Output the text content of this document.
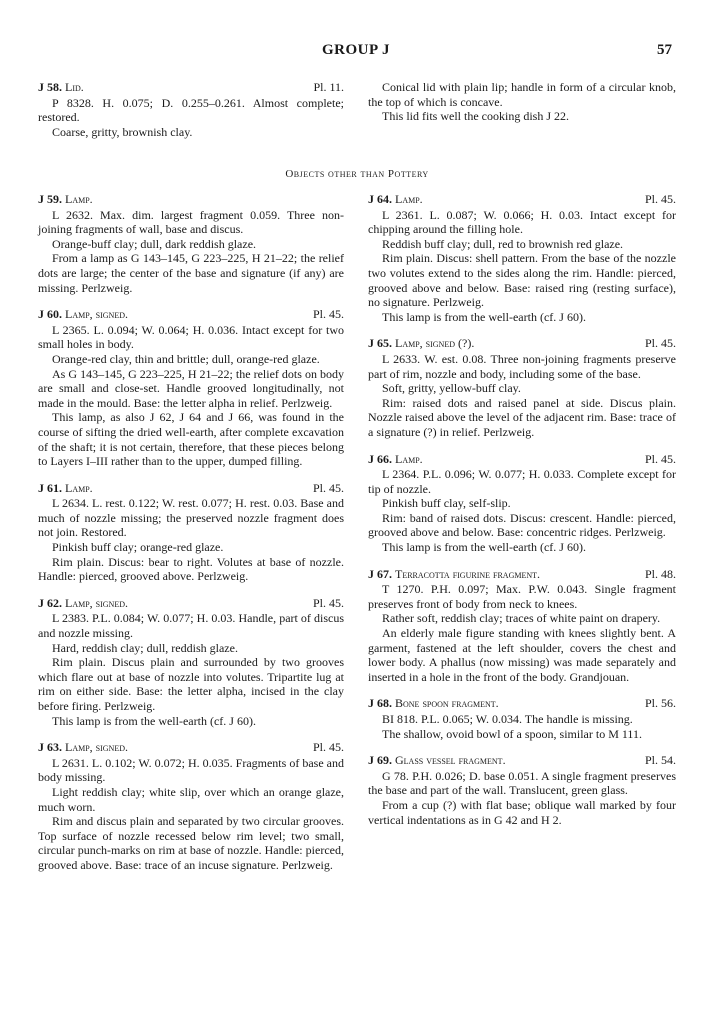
GROUP J	57
J 58. Lid.	Pl. 11.

P 8328. H. 0.075; D. 0.255–0.261. Almost complete; restored.

Coarse, gritty, brownish clay.

Conical lid with plain lip; handle in form of a circular knob, the top of which is concave.

This lid fits well the cooking dish J 22.

Objects other than Pottery
J 59. Lamp.

L 2632. Max. dim. largest fragment 0.059. Three non-joining fragments of wall, base and discus.

Orange-buff clay; dull, dark reddish glaze.

From a lamp as G 143–145, G 223–225, H 21–22; the relief dots are large; the center of the base and signature (if any) are missing. Perlzweig.

J 60. Lamp, signed.	Pl. 45.

L 2365. L. 0.094; W. 0.064; H. 0.036. Intact except for two small holes in body.

Orange-red clay, thin and brittle; dull, orange-red glaze.

As G 143–145, G 223–225, H 21–22; the relief dots on body are small and close-set. Handle grooved longitudinally, not made in the mould. Base: the letter alpha in relief. Perlzweig.

This lamp, as also J 62, J 64 and J 66, was found in the course of sifting the dried well-earth, after complete excavation of the shaft; it is not certain, therefore, that these pieces belong to Layers I–III rather than to the upper, dumped filling.

J 61. Lamp.	Pl. 45.

L 2634. L. rest. 0.122; W. rest. 0.077; H. rest. 0.03. Base and much of nozzle missing; the preserved nozzle fragment does not join. Restored.

Pinkish buff clay; orange-red glaze.

Rim plain. Discus: bear to right. Volutes at base of nozzle. Handle: pierced, grooved above. Perlzweig.

J 62. Lamp, signed.	Pl. 45.

L 2383. P.L. 0.084; W. 0.077; H. 0.03. Handle, part of discus and nozzle missing.

Hard, reddish clay; dull, reddish glaze.

Rim plain. Discus plain and surrounded by two grooves which flare out at base of nozzle into volutes. Tripartite lug at rim on either side. Base: the letter alpha, incised in the clay before firing. Perlzweig.

This lamp is from the well-earth (cf. J 60).

J 63. Lamp, signed.	Pl. 45.

L 2631. L. 0.102; W. 0.072; H. 0.035. Fragments of base and body missing.

Light reddish clay; white slip, over which an orange glaze, much worn.

Rim and discus plain and separated by two circular grooves. Top surface of nozzle recessed below rim level; two small, circular punch-marks on rim at base of nozzle. Handle: pierced, grooved above. Base: trace of an incuse signature. Perlzweig.

J 64. Lamp.	Pl. 45.

L 2361. L. 0.087; W. 0.066; H. 0.03. Intact except for chipping around the filling hole.

Reddish buff clay; dull, red to brownish red glaze.

Rim plain. Discus: shell pattern. From the base of the nozzle two volutes extend to the sides along the rim. Handle: pierced, grooved above and below. Base: raised ring (resting surface), no signature. Perlzweig.

This lamp is from the well-earth (cf. J 60).

J 65. Lamp, signed (?).	Pl. 45.

L 2633. W. est. 0.08. Three non-joining fragments preserve part of rim, nozzle and body, including some of the base.

Soft, gritty, yellow-buff clay.

Rim: raised dots and raised panel at side. Discus plain. Nozzle raised above the level of the adjacent rim. Base: trace of a signature (?) in relief. Perlzweig.

J 66. Lamp.	Pl. 45.

L 2364. P.L. 0.096; W. 0.077; H. 0.033. Complete except for tip of nozzle.

Pinkish buff clay, self-slip.

Rim: band of raised dots. Discus: crescent. Handle: pierced, grooved above and below. Base: concentric ridges. Perlzweig.

This lamp is from the well-earth (cf. J 60).

J 67. Terracotta figurine fragment.	Pl. 48.

T 1270. P.H. 0.097; Max. P.W. 0.043. Single fragment preserves front of body from neck to knees.

Rather soft, reddish clay; traces of white paint on drapery.

An elderly male figure standing with knees slightly bent. A garment, fastened at the left shoulder, covers the chest and lower body. A phallus (now missing) was made separately and inserted in a hole in the front of the body. Grandjouan.

J 68. Bone spoon fragment.	Pl. 56.

BI 818. P.L. 0.065; W. 0.034. The handle is missing.

The shallow, ovoid bowl of a spoon, similar to M 111.

J 69. Glass vessel fragment.	Pl. 54.

G 78. P.H. 0.026; D. base 0.051. A single fragment preserves the base and part of the wall. Translucent, green glass.

From a cup (?) with flat base; oblique wall marked by four vertical indentations as in G 42 and H 2.
